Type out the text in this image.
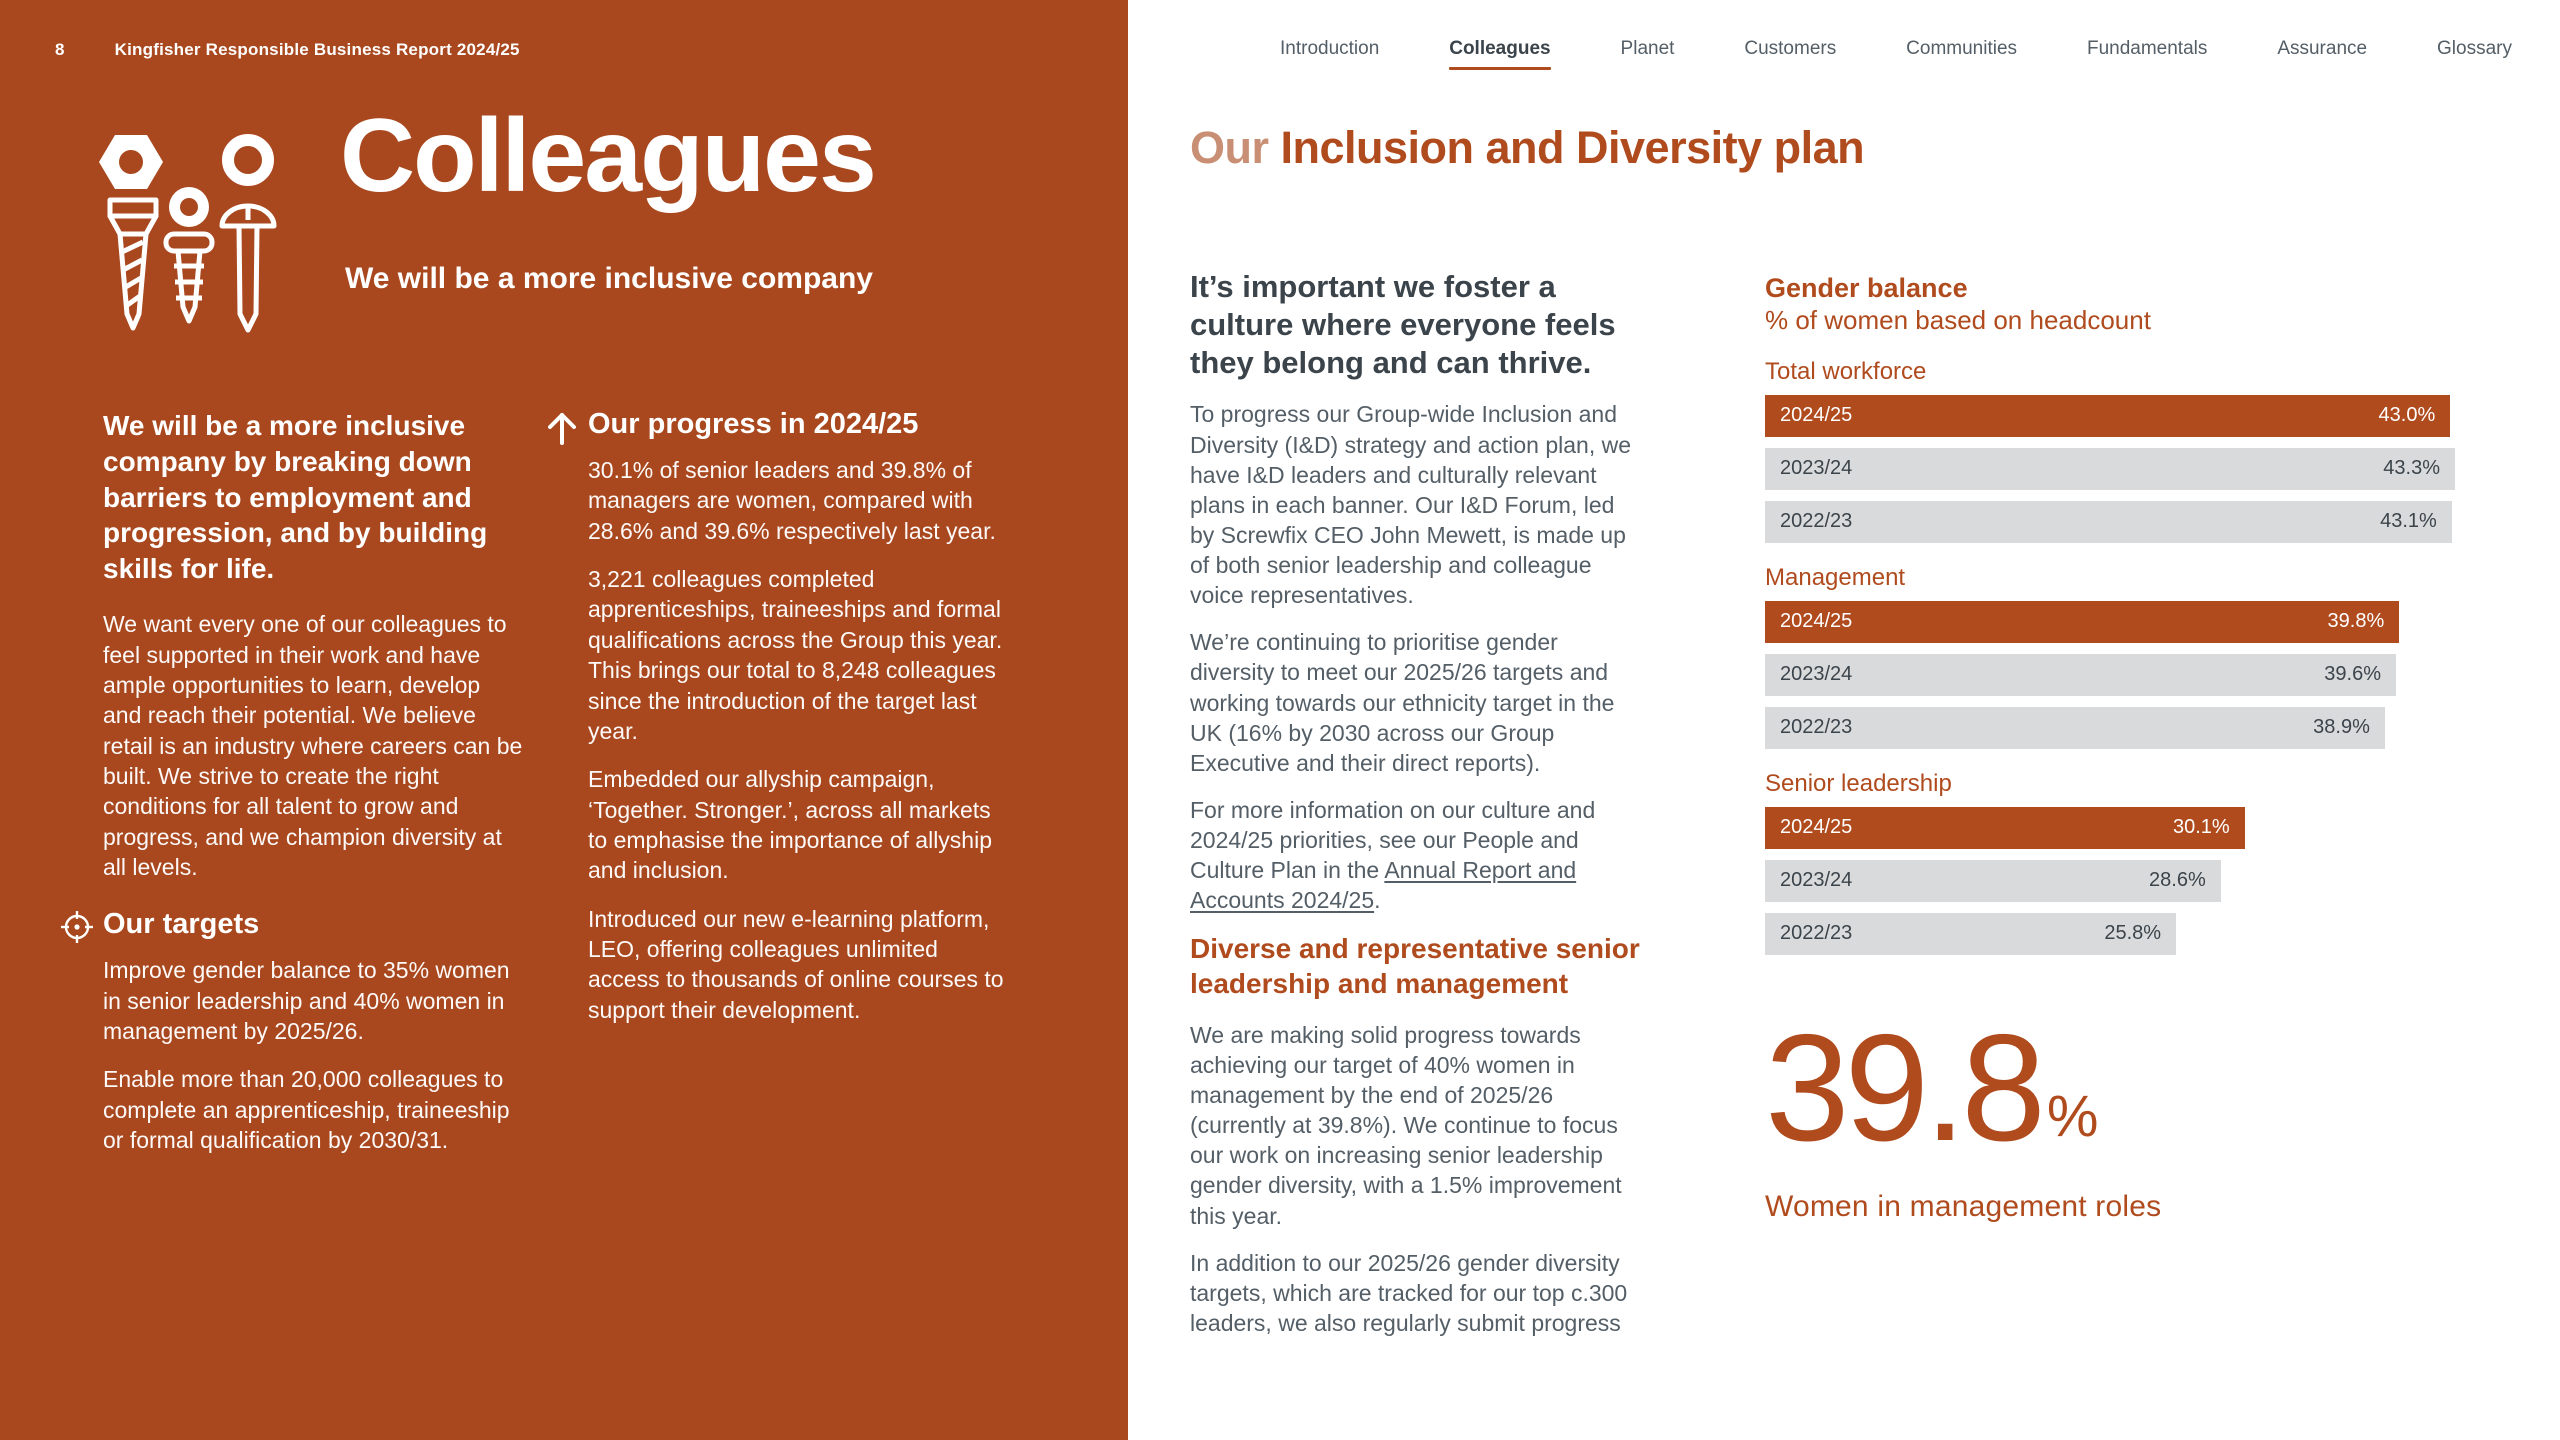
8	Kingfisher Responsible Business Report 2024/25
Colleagues
We will be a more inclusive company

We will be a more inclusive company by breaking down barriers to employment and progression, and by building skills for life.

We want every one of our colleagues to feel supported in their work and have ample opportunities to learn, develop and reach their potential. We believe retail is an industry where careers can be built. We strive to create the right conditions for all talent to grow and progress, and we champion diversity at all levels.

Our targets

Improve gender balance to 35% women in senior leadership and 40% women in management by 2025/26.

Enable more than 20,000 colleagues to complete an apprenticeship, traineeship or formal qualification by 2030/31.

Our progress in 2024/25

30.1% of senior leaders and 39.8% of managers are women, compared with 28.6% and 39.6% respectively last year.

3,221 colleagues completed apprenticeships, traineeships and formal qualifications across the Group this year. This brings our total to 8,248 colleagues since the introduction of the target last year.

Embedded our allyship campaign, ‘Together. Stronger.’, across all markets to emphasise the importance of allyship and inclusion.

Introduced our new e-learning platform, LEO, offering colleagues unlimited access to thousands of online courses to support their development.

Introduction	Colleagues	Planet	Customers	Communities	Fundamentals	Assurance	Glossary
Our Inclusion and Diversity plan
It’s important we foster a culture where everyone feels they belong and can thrive.

To progress our Group-wide Inclusion and Diversity (I&D) strategy and action plan, we have I&D leaders and culturally relevant plans in each banner. Our I&D Forum, led by Screwfix CEO John Mewett, is made up of both senior leadership and colleague voice representatives.

We’re continuing to prioritise gender diversity to meet our 2025/26 targets and working towards our ethnicity target in the UK (16% by 2030 across our Group Executive and their direct reports).

For more information on our culture and 2024/25 priorities, see our People and Culture Plan in the Annual Report and Accounts 2024/25.

Diverse and representative senior leadership and management

We are making solid progress towards achieving our target of 40% women in management by the end of 2025/26 (currently at 39.8%). We continue to focus our work on increasing senior leadership gender diversity, with a 1.5% improvement this year.

In addition to our 2025/26 gender diversity targets, which are tracked for our top c.300 leaders, we also regularly submit progress

Gender balance
% of women based on headcount
Total workforce
2024/25	43.0%
2023/24	43.3%
2022/23	43.1%
Management
2024/25	39.8%
2023/24	39.6%
2022/23	38.9%
Senior leadership
2024/25	30.1%
2023/24	28.6%
2022/23	25.8%
39.8 %
Women in management roles
